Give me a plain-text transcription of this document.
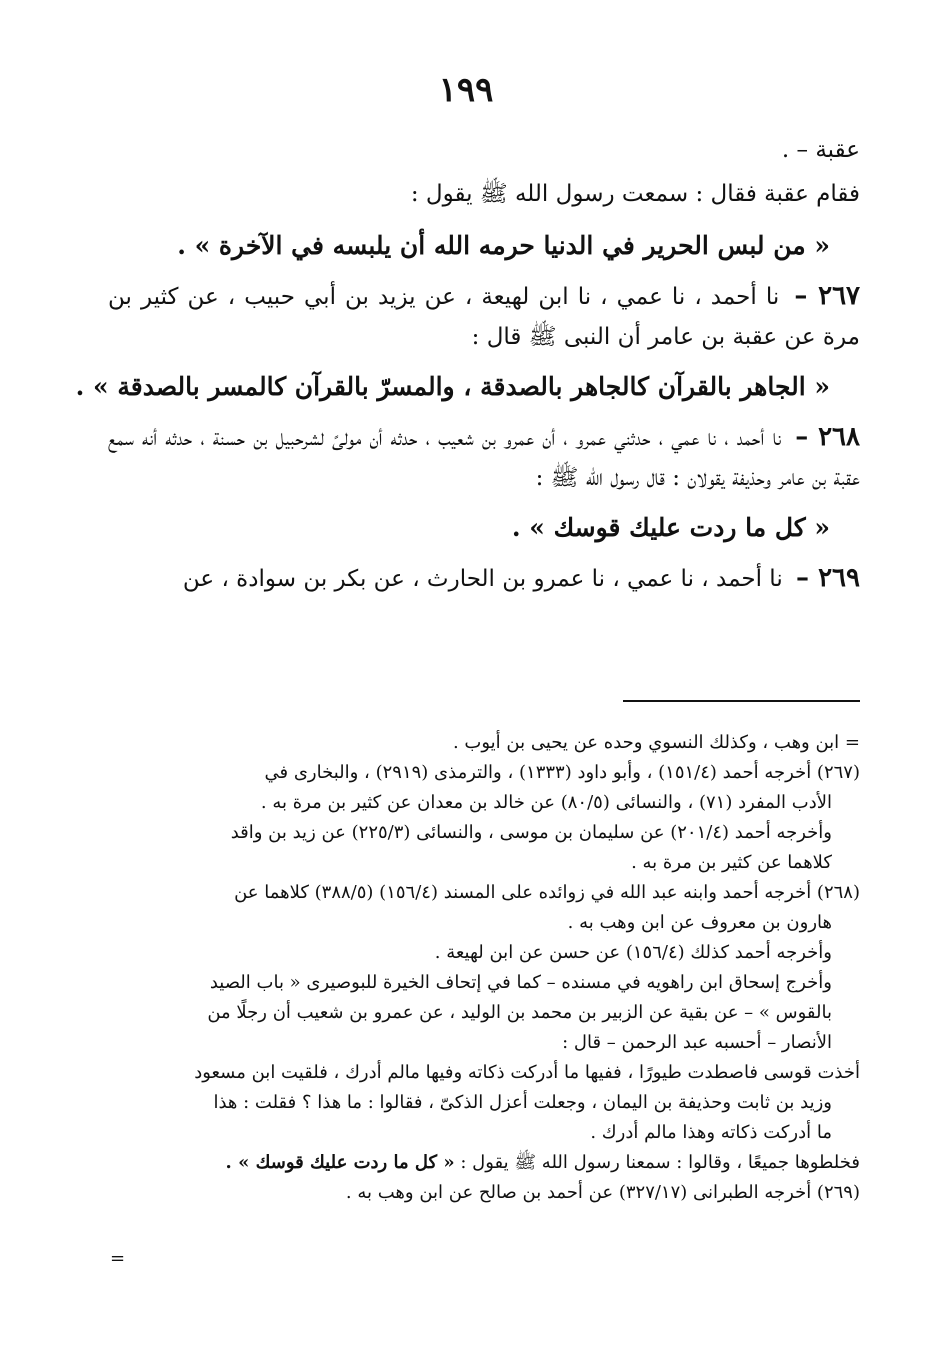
١٩٩

عقبة – .

فقام عقبة فقال : سمعت رسول الله ﷺ يقول :

« من لبس الحرير في الدنيا حرمه الله أن يلبسه في الآخرة » .

٢٦٧ – نا أحمد ، نا عمي ، نا ابن لهيعة ، عن يزيد بن أبي حبيب ، عن كثير بن مرة عن عقبة بن عامر أن النبى ﷺ قال :

« الجاهر بالقرآن كالجاهر بالصدقة ، والمسرّ بالقرآن كالمسر بالصدقة » .

٢٦٨ – نا أحمد ، نا عمي ، حدثني عمرو ، أن عمرو بن شعيب ، حدثه أن مولىً لشرحبيل بن حسنة ، حدثه أنه سمع عقبة بن عامر وحذيفة يقولان : قال رسول الله ﷺ :

« كل ما ردت عليك قوسك » .

٢٦٩ – نا أحمد ، نا عمي ، نا عمرو بن الحارث ، عن بكر بن سوادة ، عن

= ابن وهب ، وكذلك النسوي وحده عن يحيى بن أيوب .

(٢٦٧) أخرجه أحمد (١٥١/٤) ، وأبو داود (١٣٣٣) ، والترمذى (٢٩١٩) ، والبخارى في

الأدب المفرد (٧١) ، والنسائى (٨٠/٥) عن خالد بن معدان عن كثير بن مرة به .

وأخرجه أحمد (٢٠١/٤) عن سليمان بن موسى ، والنسائى (٢٢٥/٣) عن زيد بن واقد

كلاهما عن كثير بن مرة به .

(٢٦٨) أخرجه أحمد وابنه عبد الله في زوائده على المسند (١٥٦/٤) (٣٨٨/٥) كلاهما عن

هارون بن معروف عن ابن وهب به .

وأخرجه أحمد كذلك (١٥٦/٤) عن حسن عن ابن لهيعة .

وأخرج إسحاق ابن راهويه في مسنده – كما في إتحاف الخيرة للبوصيرى « باب الصيد

بالقوس » – عن بقية عن الزبير بن محمد بن الوليد ، عن عمرو بن شعيب أن رجلًا من

الأنصار – أحسبه عبد الرحمن – قال :

أخذت قوسى فاصطدت طيورًا ، ففيها ما أدركت ذكاته وفيها مالم أدرك ، فلقيت ابن مسعود

وزيد بن ثابت وحذيفة بن اليمان ، وجعلت أعزل الذكىّ ، فقالوا : ما هذا ؟ فقلت : هذا

ما أدركت ذكاته وهذا مالم أدرك .

فخلطوها جميعًا ، وقالوا : سمعنا رسول الله ﷺ يقول : « كل ما ردت عليك قوسك » .

(٢٦٩) أخرجه الطبرانى (٣٢٧/١٧) عن أحمد بن صالح عن ابن وهب به .

=
